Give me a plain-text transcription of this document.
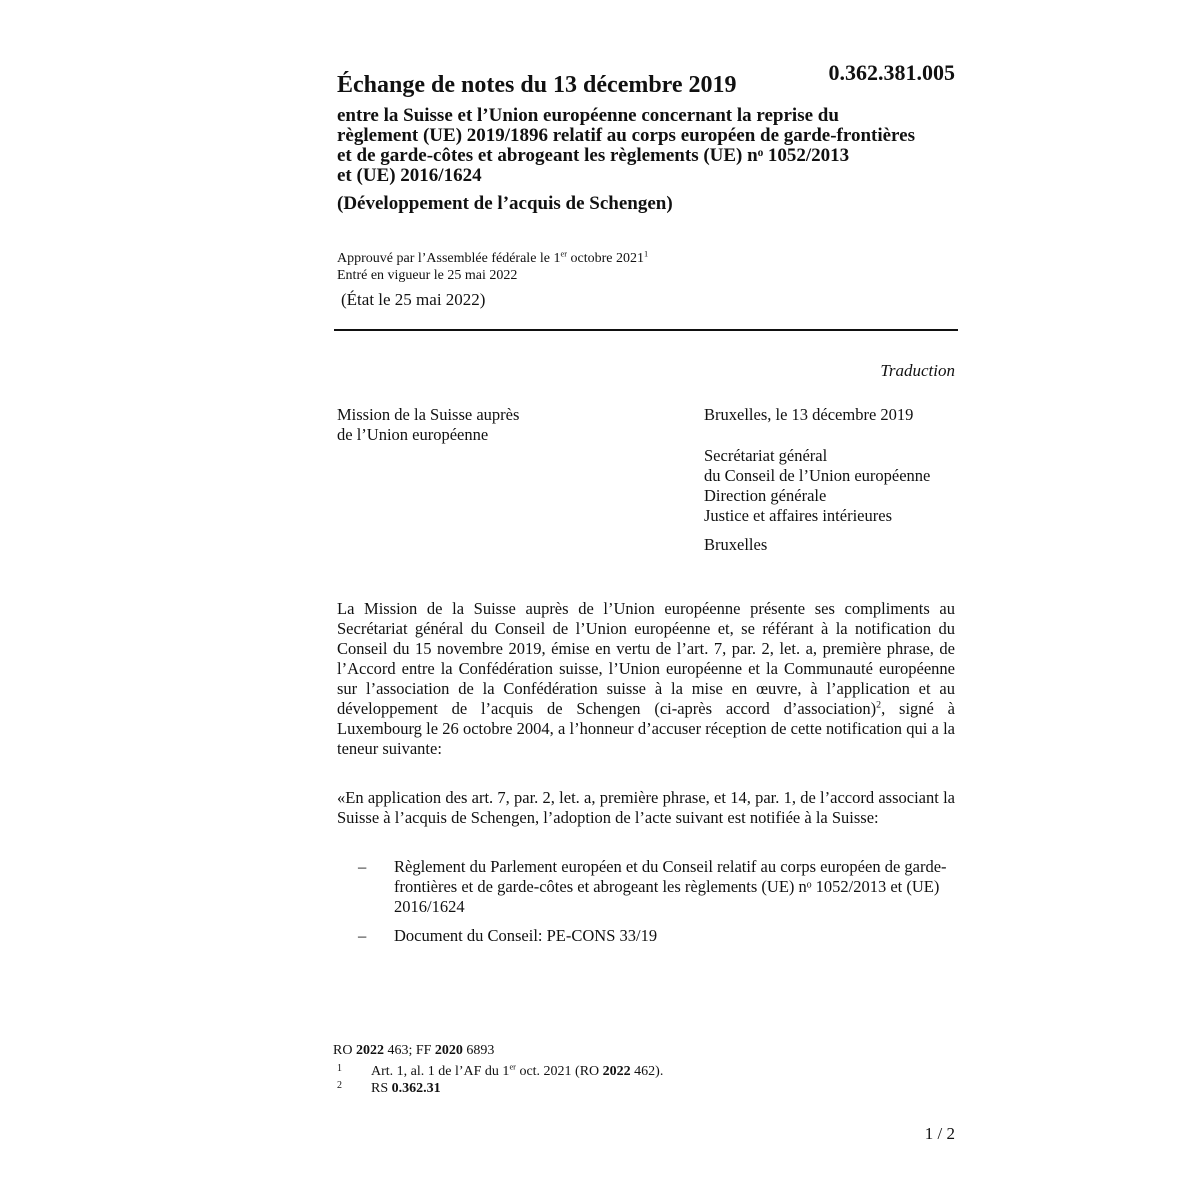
0.362.381.005
Échange de notes du 13 décembre 2019
entre la Suisse et l’Union européenne concernant la reprise du
règlement (UE) 2019/1896 relatif au corps européen de garde-frontières
et de garde-côtes et abrogeant les règlements (UE) nᵒ 1052/2013
et (UE) 2016/1624
(Développement de l’acquis de Schengen)
Approuvé par l’Assemblée fédérale le 1er octobre 2021$^1$
Entré en vigueur le 25 mai 2022
(État le 25 mai 2022)
Traduction
Mission de la Suisse auprès
de l’Union européenne
Bruxelles, le 13 décembre 2019
Secrétariat général
du Conseil de l’Union européenne
Direction générale
Justice et affaires intérieures
Bruxelles
La Mission de la Suisse auprès de l’Union européenne présente ses compliments au Secrétariat général du Conseil de l’Union européenne et, se référant à la notification du Conseil du 15 novembre 2019, émise en vertu de l’art. 7, par. 2, let. a, première phrase, de l’Accord entre la Confédération suisse, l’Union européenne et la Communauté européenne sur l’association de la Confédération suisse à la mise en œuvre, à l’application et au développement de l’acquis de Schengen (ci-après accord d’association)$^2$, signé à Luxembourg le 26 octobre 2004, a l’honneur d’accuser réception de cette notification qui a la teneur suivante:
«En application des art. 7, par. 2, let. a, première phrase, et 14, par. 1, de l’accord associant la Suisse à l’acquis de Schengen, l’adoption de l’acte suivant est notifiée à la Suisse:
– Règlement du Parlement européen et du Conseil relatif au corps européen de garde-frontières et de garde-côtes et abrogeant les règlements (UE) nᵒ 1052/2013 et (UE) 2016/1624
– Document du Conseil: PE-CONS 33/19
RO 2022 463; FF 2020 6893
1 Art. 1, al. 1 de l’AF du 1er oct. 2021 (RO 2022 462).
2 RS 0.362.31
1 / 2
